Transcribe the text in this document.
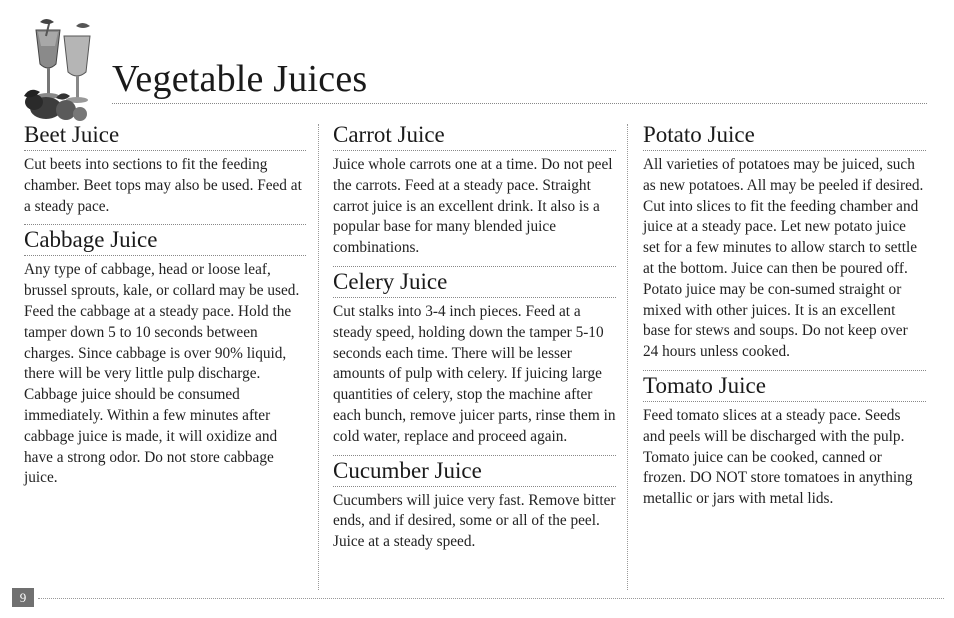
Vegetable Juices
Beet Juice

Cut beets into sections to fit the feeding chamber. Beet tops may also be used. Feed at a steady pace.

Cabbage Juice

Any type of cabbage, head or loose leaf, brussel sprouts, kale, or collard may be used. Feed the cabbage at a steady pace. Hold the tamper down 5 to 10 seconds between charges. Since cabbage is over 90% liquid, there will be very little pulp discharge. Cabbage juice should be consumed immediately. Within a few minutes after cabbage juice is made, it will oxidize and have a strong odor. Do not store cabbage juice.

Carrot Juice

Juice whole carrots one at a time. Do not peel the carrots. Feed at a steady pace. Straight carrot juice is an excellent drink. It also is a popular base for many blended juice combinations.

Celery Juice

Cut stalks into 3-4 inch pieces. Feed at a steady speed, holding down the tamper 5-10 seconds each time. There will be lesser amounts of pulp with celery. If juicing large quantities of celery, stop the machine after each bunch, remove juicer parts, rinse them in cold water, replace and proceed again.

Cucumber Juice

Cucumbers will juice very fast. Remove bitter ends, and if desired, some or all of the peel. Juice at a steady speed.

Potato Juice

All varieties of potatoes may be juiced, such as new potatoes. All may be peeled if desired. Cut into slices to fit the feeding chamber and juice at a steady pace. Let new potato juice set for a few minutes to allow starch to settle at the bottom. Juice can then be poured off. Potato juice may be con-sumed straight or mixed with other juices. It is an excellent base for stews and soups. Do not keep over 24 hours unless cooked.

Tomato Juice

Feed tomato slices at a steady pace. Seeds and peels will be discharged with the pulp. Tomato juice can be cooked, canned or frozen. DO NOT store tomatoes in anything metallic or jars with metal lids.

9
